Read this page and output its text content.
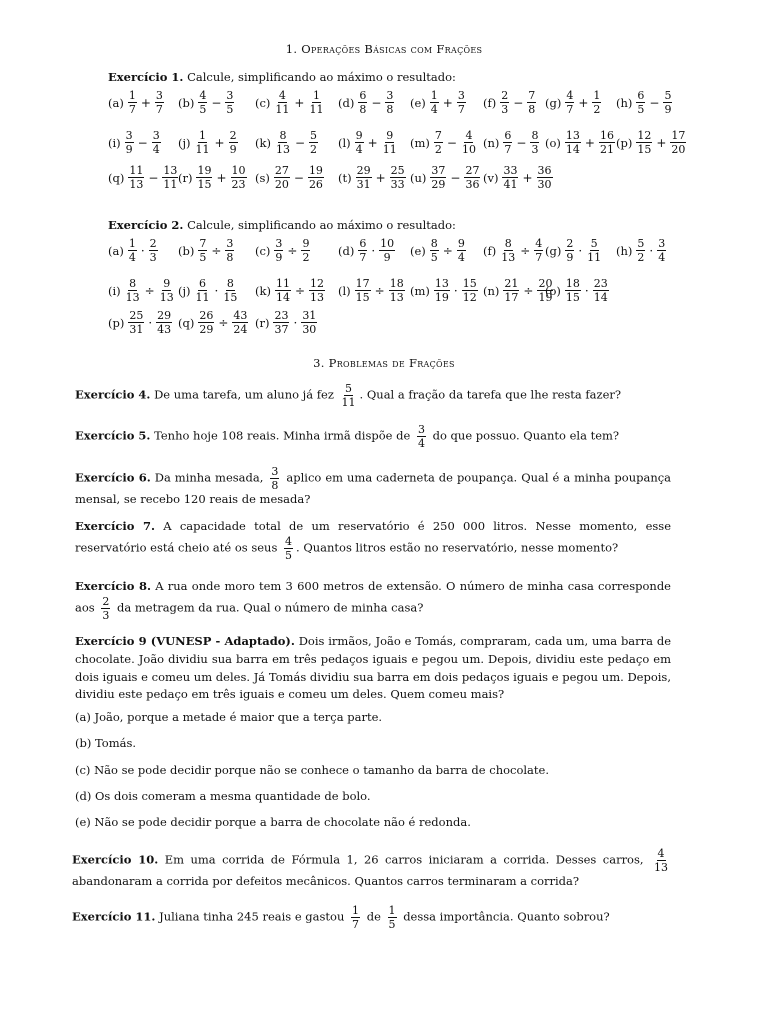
1. Operações Básicas com Frações
Exercício 1. Calcule, simplificando ao máximo o resultado:
$(a) \frac{1}{7} + \frac{3}{7} (b) \frac{4}{5} - \frac{3}{5} (c) \frac{4}{11} + \frac{1}{11} (d) \frac{6}{8} - \frac{3}{8} (e) \frac{1}{4} + \frac{3}{7} (f) \frac{2}{3} - \frac{7}{8} (g) \frac{4}{7} + \frac{1}{2} (h) \frac{6}{5} - \frac{5}{9}$
$(i) \frac{3}{9} - \frac{3}{4} (j) \frac{1}{11} + \frac{2}{9} (k) \frac{8}{13} - \frac{5}{2} (l) \frac{9}{4} + \frac{9}{11} (m) \frac{7}{2} - \frac{4}{10} (n) \frac{6}{7} - \frac{8}{3} (o) \frac{13}{14} + \frac{16}{21} (p) \frac{12}{15} + \frac{17}{20}$
$(q) \frac{11}{13} - \frac{13}{11} (r) \frac{19}{15} + \frac{10}{23} (s) \frac{27}{20} - \frac{19}{26} (t) \frac{29}{31} + \frac{25}{33} (u) \frac{37}{29} - \frac{27}{36} (v) \frac{33}{41} + \frac{36}{30}$
Exercício 2. Calcule, simplificando ao máximo o resultado:
$(a) \frac{1}{4} \cdot \frac{2}{3} (b) \frac{7}{5} \div \frac{3}{8} (c) \frac{3}{9} \div \frac{9}{2} (d) \frac{6}{7} \cdot \frac{10}{9} (e) \frac{8}{5} \div \frac{9}{4} (f) \frac{8}{13} \div \frac{4}{7} (g) \frac{2}{9} \cdot \frac{5}{11} (h) \frac{5}{2} \cdot \frac{3}{4}$
$(i) \frac{8}{13} \div \frac{9}{13} (j) \frac{6}{11} \cdot \frac{8}{15} (k) \frac{11}{14} \div \frac{12}{13} (l) \frac{17}{15} \div \frac{18}{13} (m) \frac{13}{19} \cdot \frac{15}{12} (n) \frac{21}{17} \div \frac{20}{19}$
$(o) \frac{18}{15} \cdot \frac{23}{14}$
$(p) \frac{25}{31} \cdot \frac{29}{43} (q) \frac{26}{29} \div \frac{43}{24} (r) \frac{23}{37} \cdot \frac{31}{30}$
3. Problemas de Frações
Exercício 4. De uma tarefa, um aluno já fez $\frac{5}{11}$ . Qual a fração da tarefa que lhe resta fazer?
Exercício 5. Tenho hoje 108 reais. Minha irmã dispõe de $\frac{3}{4}$ do que possuo. Quanto ela tem?
Exercício 6. Da minha mesada, $\frac{3}{8}$ aplico em uma caderneta de poupança. Qual é a minha poupança mensal, se recebo 120 reais de mesada?
Exercício 7. A capacidade total de um reservatório é 250 000 litros. Nesse momento, esse reservatório está cheio até os seus $\frac{4}{5}$ . Quantos litros estão no reservatório, nesse momento?
Exercício 8. A rua onde moro tem 3 600 metros de extensão. O número de minha casa corresponde aos $\frac{2}{3}$ da metragem da rua. Qual o número de minha casa?
Exercício 9 (VUNESP - Adaptado). Dois irmãos, João e Tomás, compraram, cada um, uma barra de chocolate. João dividiu sua barra em três pedaços iguais e pegou um. Depois, dividiu este pedaço em dois iguais e comeu um deles. Já Tomás dividiu sua barra em dois pedaços iguais e pegou um. Depois, dividiu este pedaço em três iguais e comeu um deles. Quem comeu mais?
(a) João, porque a metade é maior que a terça parte.
(b) Tomás.
(c) Não se pode decidir porque não se conhece o tamanho da barra de chocolate.
(d) Os dois comeram a mesma quantidade de bolo.
(e) Não se pode decidir porque a barra de chocolate não é redonda.
Exercício 10. Em uma corrida de Fórmula 1, 26 carros iniciaram a corrida. Desses carros, $\frac{4}{13}$
abandonaram a corrida por defeitos mecânicos. Quantos carros terminaram a corrida?
Exercício 11. Juliana tinha 245 reais e gastou $\frac{1}{7}$ de $\frac{1}{5}$ dessa importância. Quanto sobrou?
